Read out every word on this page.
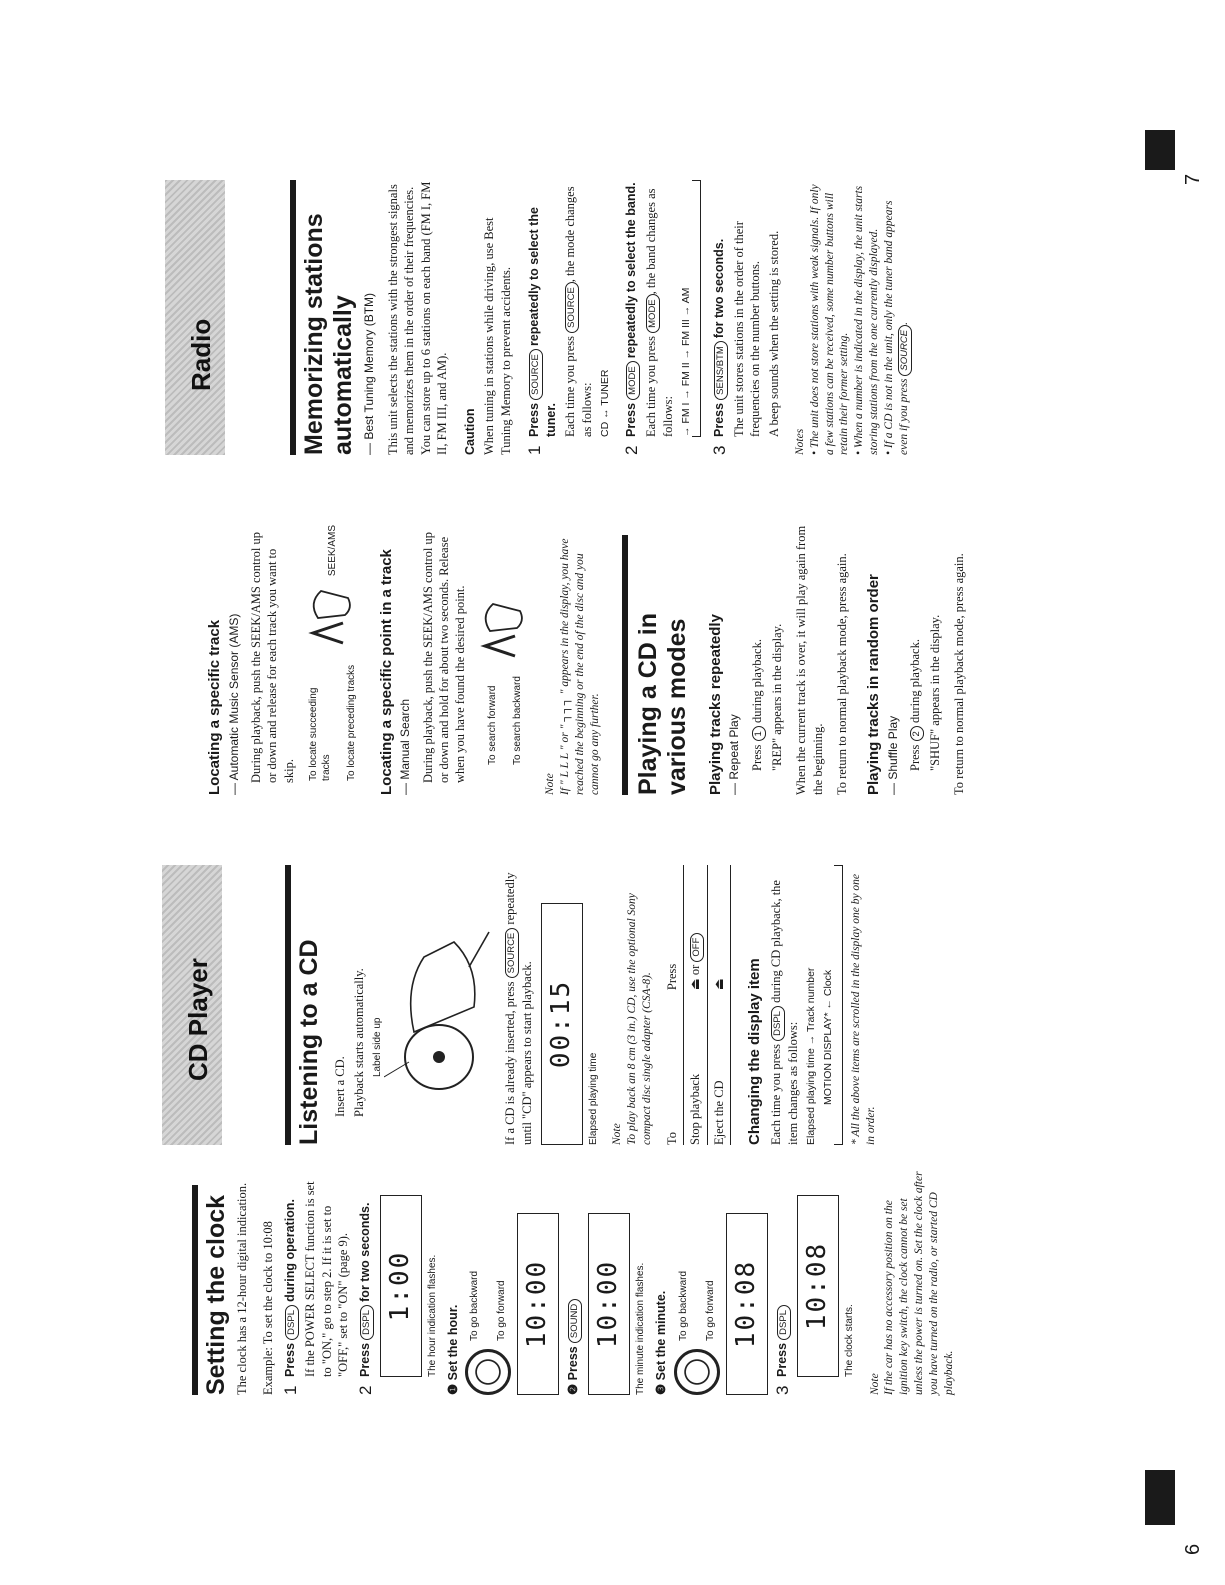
Setting the clock The clock has a 12-hour digital indication. Example: To set the clock to 10:08 1
Press DSPL during operation. If the POWER SELECT function is set to "ON," go to step 2. If it is set to "OFF," set to "ON" (page 9).
2
Press DSPL for two seconds. 1:00	The hour indication flashes. ❶ Set the hour. To go backward To go forward 10:00
❷ Press SOUND 10:00	The minute indication flashes. ❸ Set the minute. To go backward To go forward 10:08
3
Press DSPL 10:08
The clock starts.
Note If the car has no accessory position on the ignition key switch, the clock cannot be set unless the power is turned on. Set the clock after you have turned on the radio, or started CD playback.
CD Player	Listening to a CD Insert a CD. Playback starts automatically. Label side up	If a CD is already inserted, press SOURCE repeatedly until "CD" appears to start playback. 00:15
Elapsed playing time Note To play back an 8 cm (3 in.) CD, use the optional Sony compact disc single adapter (CSA-8). To	Press
Stop playback	⏏ or OFF
Eject the CD	⏏ Changing the display item Each time you press DSPL during CD playback, the item changes as follows: Elapsed playing time → Track number MOTION DISPLAY* ← Clock * All the above items are scrolled in the display one by one in order.

Locating a specific track — Automatic Music Sensor (AMS) During playback, push the SEEK/AMS control up or down and release for each track you want to skip. To locate succeeding tracks To locate preceding tracks
SEEK/AMS	Locating a specific point in a track — Manual Search During playback, push the SEEK/AMS control up or down and hold for about two seconds. Release when you have found the desired point. To search forward To search backward
Note If " L L L " or " ┐┐┐ " appears in the display, you have reached the beginning or the end of the disc and you cannot go any further. Playing a CD in various modes Playing tracks repeatedly — Repeat Play Press 1 during playback. "REP" appears in the display. When the current track is over, it will play again from the beginning. To return to normal playback mode, press again. Playing tracks in random order — Shuffle Play Press 2 during playback. "SHUF" appears in the display. To return to normal playback mode, press again.
Radio	Memorizing stations automatically — Best Tuning Memory (BTM) This unit selects the stations with the strongest signals and memorizes them in the order of their frequencies. You can store up to 6 stations on each band (FM I, FM II, FM III, and AM). Caution When tuning in stations while driving, use Best Tuning Memory to prevent accidents. 1
Press SOURCE repeatedly to select the tuner. Each time you press SOURCE, the mode changes as follows: CD ↔ TUNER
2
Press MODE repeatedly to select the band.
Each time you press MODE, the band changes as follows: → FM I → FM II → FM III → AM
3
Press SENS/BTM for two seconds. The unit stores stations in the order of their frequencies on the number buttons. A beep sounds when the setting is stored.
Notes • The unit does not store stations with weak signals. If only a few stations can be received, some number buttons will retain their former setting. • When a number is indicated in the display, the unit starts storing stations from the one currently displayed. • If a CD is not in the unit, only the tuner band appears even if you press SOURCE.
6
7
